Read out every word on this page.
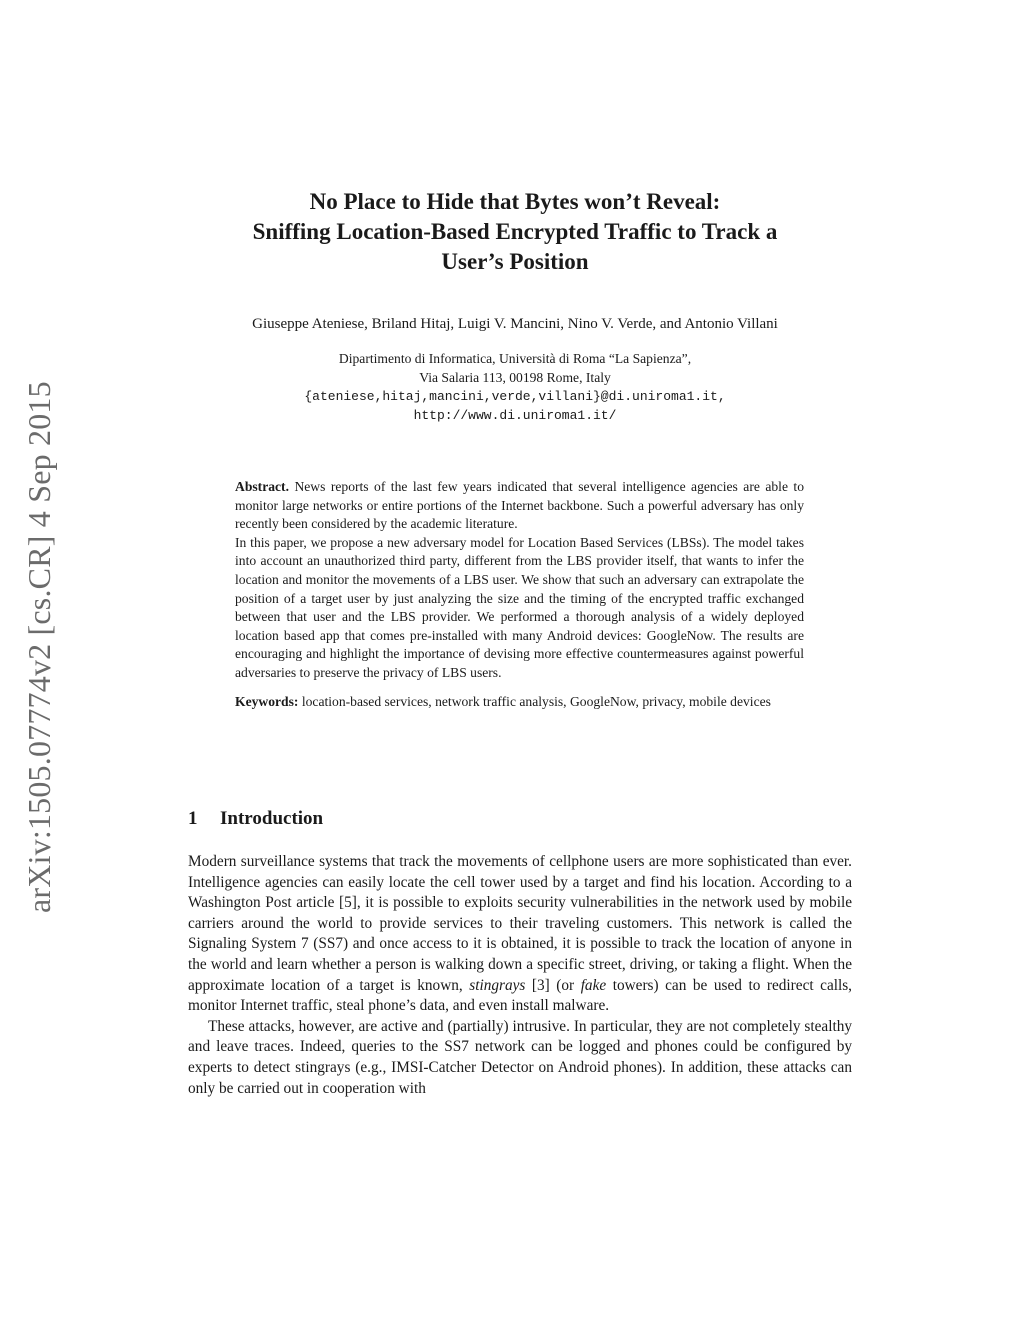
arXiv:1505.07774v2 [cs.CR] 4 Sep 2015
No Place to Hide that Bytes won’t Reveal:
Sniffing Location-Based Encrypted Traffic to Track a
User’s Position
Giuseppe Ateniese, Briland Hitaj, Luigi V. Mancini, Nino V. Verde, and Antonio Villani
Dipartimento di Informatica, Università di Roma “La Sapienza”,
Via Salaria 113, 00198 Rome, Italy
{ateniese,hitaj,mancini,verde,villani}@di.uniroma1.it,
http://www.di.uniroma1.it/

Abstract. News reports of the last few years indicated that several intelligence agencies are able to monitor large networks or entire portions of the Internet backbone. Such a powerful adversary has only recently been considered by the academic literature.

In this paper, we propose a new adversary model for Location Based Services (LBSs). The model takes into account an unauthorized third party, different from the LBS provider itself, that wants to infer the location and monitor the movements of a LBS user. We show that such an adversary can extrapolate the position of a target user by just analyzing the size and the timing of the encrypted traffic exchanged between that user and the LBS provider. We performed a thorough analysis of a widely deployed location based app that comes pre-installed with many Android devices: GoogleNow. The results are encouraging and highlight the importance of devising more effective countermeasures against powerful adversaries to preserve the privacy of LBS users.

Keywords: location-based services, network traffic analysis, GoogleNow, privacy, mobile devices

1 Introduction

Modern surveillance systems that track the movements of cellphone users are more sophisticated than ever. Intelligence agencies can easily locate the cell tower used by a target and find his location. According to a Washington Post article [5], it is possible to exploits security vulnerabilities in the network used by mobile carriers around the world to provide services to their traveling customers. This network is called the Signaling System 7 (SS7) and once access to it is obtained, it is possible to track the location of anyone in the world and learn whether a person is walking down a specific street, driving, or taking a flight. When the approximate location of a target is known, stingrays [3] (or fake towers) can be used to redirect calls, monitor Internet traffic, steal phone’s data, and even install malware.

These attacks, however, are active and (partially) intrusive. In particular, they are not completely stealthy and leave traces. Indeed, queries to the SS7 network can be logged and phones could be configured by experts to detect stingrays (e.g., IMSI-Catcher Detector on Android phones). In addition, these attacks can only be carried out in cooperation with
